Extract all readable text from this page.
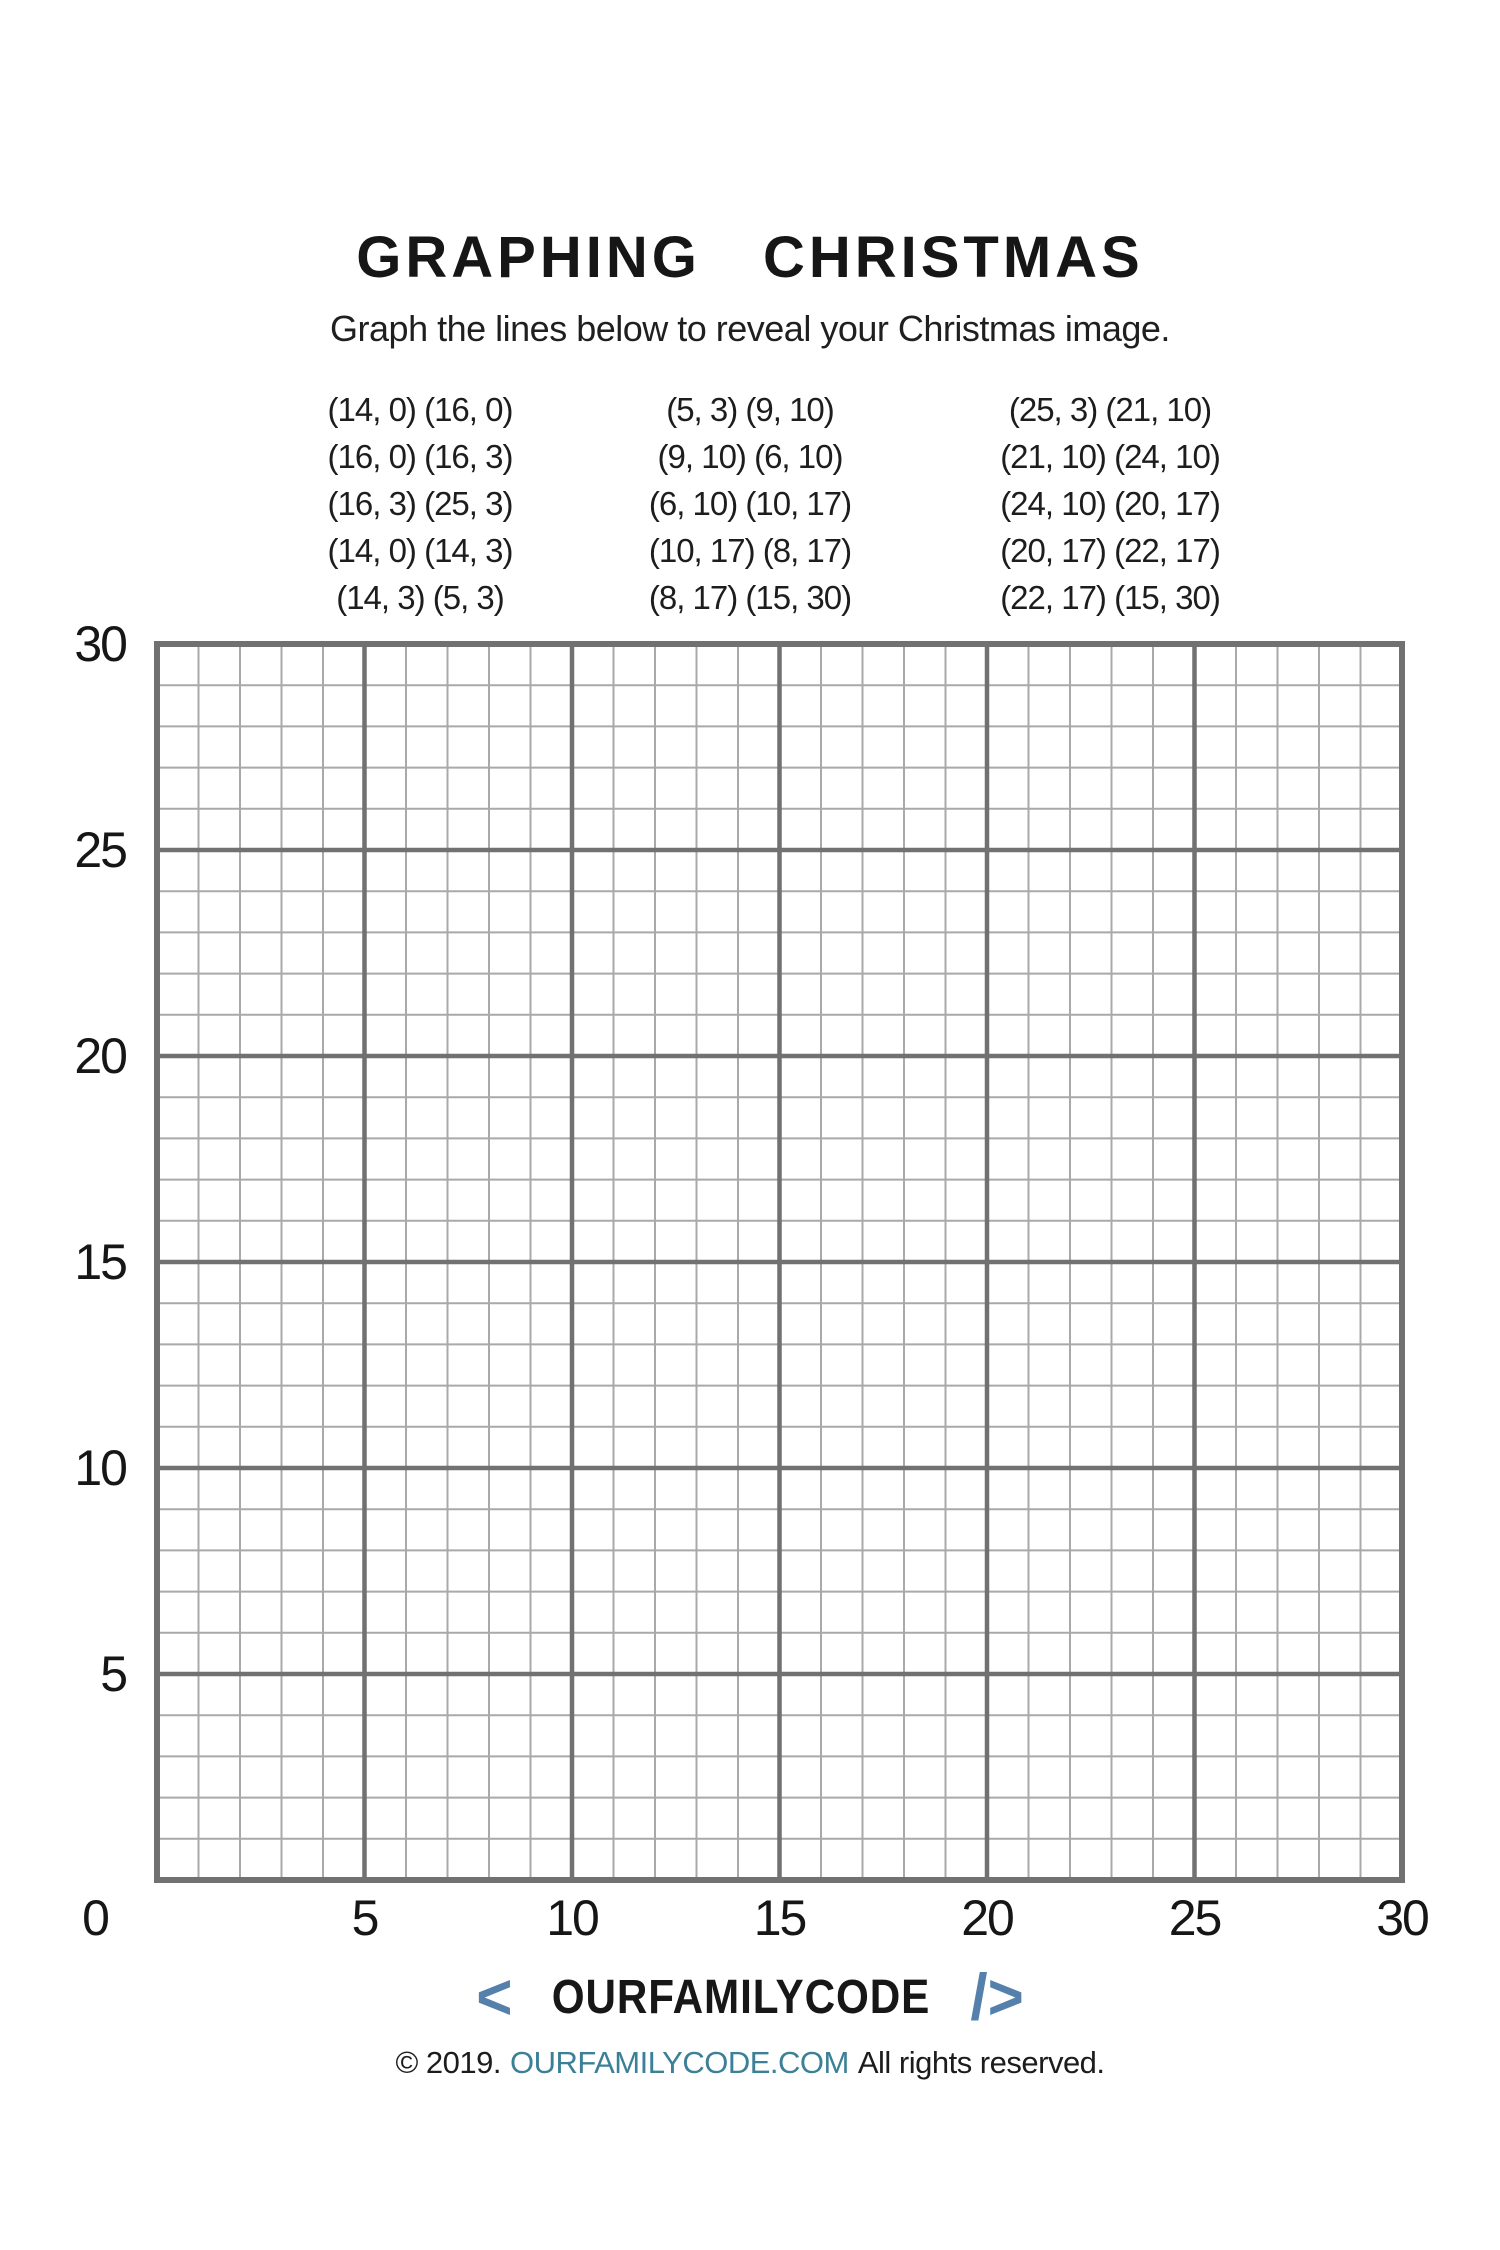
GRAPHING CHRISTMAS

Graph the lines below to reveal your Christmas image.

(14, 0) (16, 0)
(16, 0) (16, 3)
(16, 3) (25, 3)
(14, 0) (14, 3)
(14, 3) (5, 3)
(5, 3) (9, 10)
(9, 10) (6, 10)
(6, 10) (10, 17)
(10, 17) (8, 17)
(8, 17) (15, 30)
(25, 3) (21, 10)
(21, 10) (24, 10)
(24, 10) (20, 17)
(20, 17) (22, 17)
(22, 17) (15, 30)
30
25
20
15
10
5
5	10	15	20	25	30
0
< OURFAMILYCODE />
© 2019. OURFAMILYCODE.COM All rights reserved.
